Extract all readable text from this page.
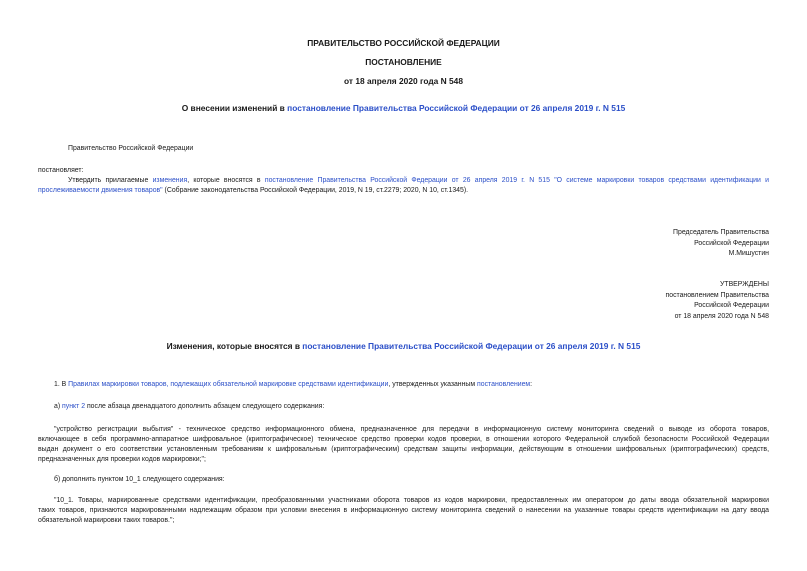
ПРАВИТЕЛЬСТВО РОССИЙСКОЙ ФЕДЕРАЦИИ
ПОСТАНОВЛЕНИЕ
от 18 апреля 2020 года N 548
О внесении изменений в постановление Правительства Российской Федерации от 26 апреля 2019 г. N 515
Правительство Российской Федерации
постановляет:
Утвердить прилагаемые изменения, которые вносятся в постановление Правительства Российской Федерации от 26 апреля 2019 г. N 515 "О системе маркировки товаров средствами идентификации и
прослеживаемости движения товаров" (Собрание законодательства Российской Федерации, 2019, N 19, ст.2279; 2020, N 10, ст.1345).
Председатель Правительства
Российской Федерации
М.Мишустин
УТВЕРЖДЕНЫ
постановлением Правительства
Российской Федерации
от 18 апреля 2020 года N 548
Изменения, которые вносятся в постановление Правительства Российской Федерации от 26 апреля 2019 г. N 515
1. В Правилах маркировки товаров, подлежащих обязательной маркировке средствами идентификации, утвержденных указанным постановлением:
а) пункт 2 после абзаца двенадцатого дополнить абзацем следующего содержания:
"устройство регистрации выбытия" - техническое средство информационного обмена, предназначенное для передачи в информационную систему мониторинга сведений о выводе из оборота товаров,
включающее в себя программно-аппаратное шифровальное (криптографическое) техническое средство проверки кодов проверки, в отношении которого Федеральной службой безопасности Российской Федерации
выдан документ о его соответствии установленным требованиям к шифровальным (криптографическим) средствам защиты информации, действующим в отношении шифровальных (криптографических) средств,
предназначенных для проверки кодов маркировки;";
б) дополнить пунктом 10_1 следующего содержания:
"10_1. Товары, маркированные средствами идентификации, преобразованными участниками оборота товаров из кодов маркировки, предоставленных им оператором до даты ввода обязательной маркировки
таких товаров, признаются маркированными надлежащим образом при условии внесения в информационную систему мониторинга сведений о нанесении на указанные товары средств идентификации на дату ввода
обязательной маркировки таких товаров.";
